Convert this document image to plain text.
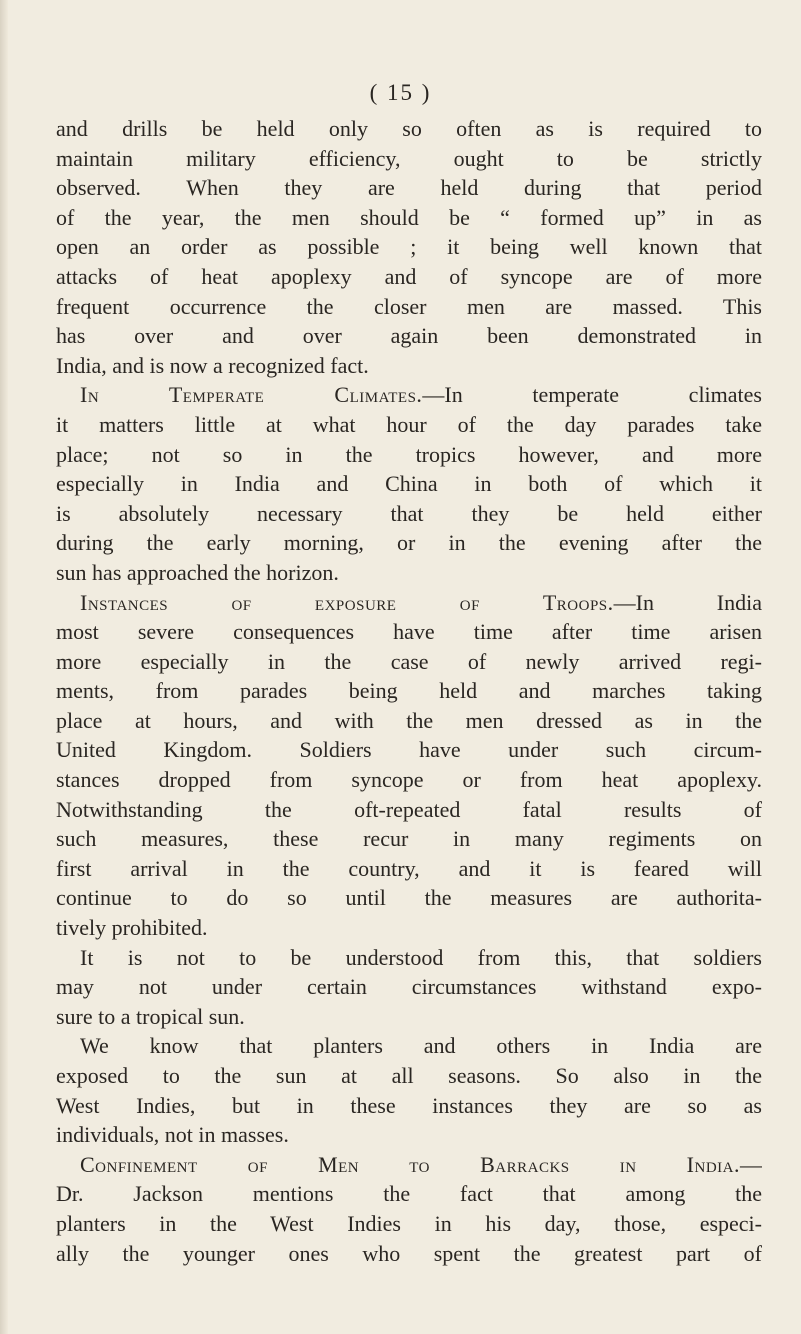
( 15 )
and drills be held only so often as is required to
maintain military efficiency, ought to be strictly
observed. When they are held during that period
of the year, the men should be “ formed up” in as
open an order as possible ; it being well known that
attacks of heat apoplexy and of syncope are of more
frequent occurrence the closer men are massed. This
has over and over again been demonstrated in
India, and is now a recognized fact.
In Temperate Climates.—In temperate climates
it matters little at what hour of the day parades take
place; not so in the tropics however, and more
especially in India and China in both of which it
is absolutely necessary that they be held either
during the early morning, or in the evening after the
sun has approached the horizon.
Instances of exposure of Troops.—In India
most severe consequences have time after time arisen
more especially in the case of newly arrived regi-
ments, from parades being held and marches taking
place at hours, and with the men dressed as in the
United Kingdom. Soldiers have under such circum-
stances dropped from syncope or from heat apoplexy.
Notwithstanding the oft-repeated fatal results of
such measures, these recur in many regiments on
first arrival in the country, and it is feared will
continue to do so until the measures are authorita-
tively prohibited.
It is not to be understood from this, that soldiers
may not under certain circumstances withstand expo-
sure to a tropical sun.
We know that planters and others in India are
exposed to the sun at all seasons. So also in the
West Indies, but in these instances they are so as
individuals, not in masses.
Confinement of Men to Barracks in India.—
Dr. Jackson mentions the fact that among the
planters in the West Indies in his day, those, especi-
ally the younger ones who spent the greatest part of
